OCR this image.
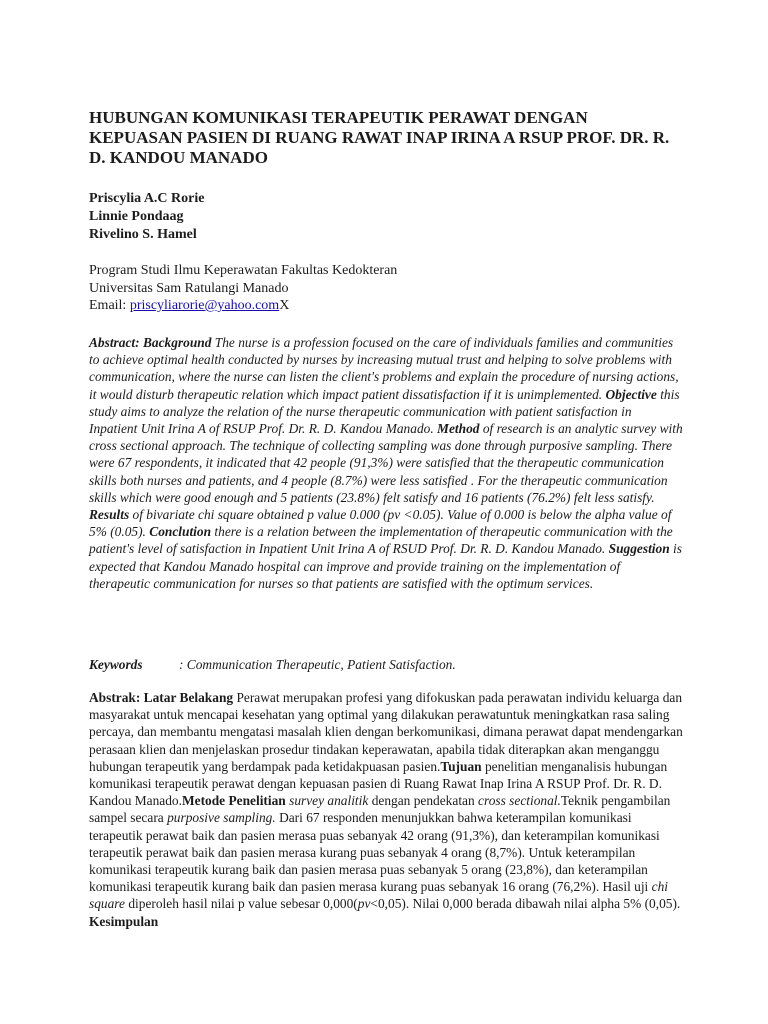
HUBUNGAN KOMUNIKASI TERAPEUTIK PERAWAT DENGAN KEPUASAN PASIEN DI RUANG RAWAT INAP IRINA A RSUP PROF. DR. R. D. KANDOU MANADO
Priscylia A.C Rorie
Linnie Pondaag
Rivelino S. Hamel
Program Studi Ilmu Keperawatan Fakultas Kedokteran
Universitas Sam Ratulangi Manado
Email: priscyliarorie@yahoo.comX

Abstract: Background The nurse is a profession focused on the care of individuals families and communities to achieve optimal health conducted by nurses by increasing mutual trust and helping to solve problems with communication, where the nurse can listen the client's problems and explain the procedure of nursing actions, it would disturb therapeutic relation which impact patient dissatisfaction if it is unimplemented. Objective this study aims to analyze the relation of the nurse therapeutic communication with patient satisfaction in Inpatient Unit Irina A of RSUP Prof. Dr. R. D. Kandou Manado. Method of research is an analytic survey with cross sectional approach. The technique of collecting sampling was done through purposive sampling. There were 67 respondents, it indicated that 42 people (91,3%) were satisfied that the therapeutic communication skills both nurses and patients, and 4 people (8.7%) were less satisfied . For the therapeutic communication skills which were good enough and 5 patients (23.8%) felt satisfy and 16 patients (76.2%) felt less satisfy. Results of bivariate chi square obtained p value 0.000 (pv <0.05). Value of 0.000 is below the alpha value of 5% (0.05). Conclution there is a relation between the implementation of therapeutic communication with the patient's level of satisfaction in Inpatient Unit Irina A of RSUD Prof. Dr. R. D. Kandou Manado. Suggestion is expected that Kandou Manado hospital can improve and provide training on the implementation of therapeutic communication for nurses so that patients are satisfied with the optimum services.

Keywords	: Communication Therapeutic, Patient Satisfaction.

Abstrak: Latar Belakang Perawat merupakan profesi yang difokuskan pada perawatan individu keluarga dan masyarakat untuk mencapai kesehatan yang optimal yang dilakukan perawatuntuk meningkatkan rasa saling percaya, dan membantu mengatasi masalah klien dengan berkomunikasi, dimana perawat dapat mendengarkan perasaan klien dan menjelaskan prosedur tindakan keperawatan, apabila tidak diterapkan akan menganggu hubungan terapeutik yang berdampak pada ketidakpuasan pasien.Tujuan penelitian menganalisis hubungan komunikasi terapeutik perawat dengan kepuasan pasien di Ruang Rawat Inap Irina A RSUP Prof. Dr. R. D. Kandou Manado.Metode Penelitian survey analitik dengan pendekatan cross sectional.Teknik pengambilan sampel secara purposive sampling. Dari 67 responden menunjukkan bahwa keterampilan komunikasi terapeutik perawat baik dan pasien merasa puas sebanyak 42 orang (91,3%), dan keterampilan komunikasi terapeutik perawat baik dan pasien merasa kurang puas sebanyak 4 orang (8,7%). Untuk keterampilan komunikasi terapeutik kurang baik dan pasien merasa puas sebanyak 5 orang (23,8%), dan keterampilan komunikasi terapeutik kurang baik dan pasien merasa kurang puas sebanyak 16 orang (76,2%). Hasil uji chi square diperoleh hasil nilai p value sebesar 0,000(pv<0,05). Nilai 0,000 berada dibawah nilai alpha 5% (0,05). Kesimpulan
